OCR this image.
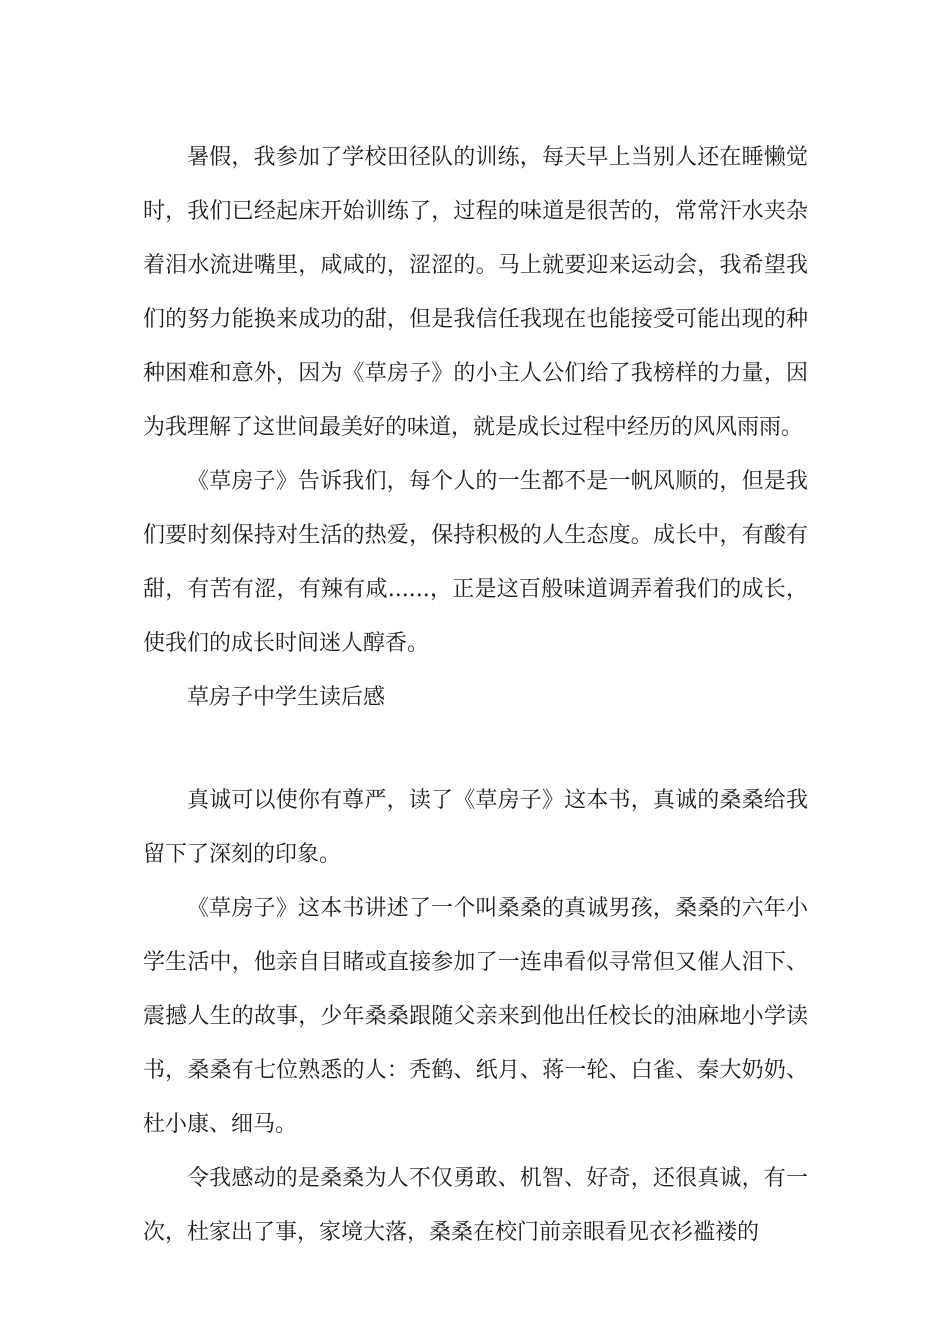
暑假，我参加了学校田径队的训练，每天早上当别人还在睡懒觉时，我们已经起床开始训练了，过程的味道是很苦的，常常汗水夹杂着泪水流进嘴里，咸咸的，涩涩的。马上就要迎来运动会，我希望我们的努力能换来成功的甜，但是我信任我现在也能接受可能出现的种种困难和意外，因为《草房子》的小主人公们给了我榜样的力量，因为我理解了这世间最美好的味道，就是成长过程中经历的风风雨雨。

《草房子》告诉我们，每个人的一生都不是一帆风顺的，但是我们要时刻保持对生活的热爱，保持积极的人生态度。成长中，有酸有甜，有苦有涩，有辣有咸......，正是这百般味道调弄着我们的成长，使我们的成长时间迷人醇香。

草房子中学生读后感

真诚可以使你有尊严，读了《草房子》这本书，真诚的桑桑给我留下了深刻的印象。

《草房子》这本书讲述了一个叫桑桑的真诚男孩，桑桑的六年小学生活中，他亲自目睹或直接参加了一连串看似寻常但又催人泪下、震撼人生的故事，少年桑桑跟随父亲来到他出任校长的油麻地小学读书，桑桑有七位熟悉的人：秃鹤、纸月、蒋一轮、白雀、秦大奶奶、杜小康、细马。

令我感动的是桑桑为人不仅勇敢、机智、好奇，还很真诚，有一次，杜家出了事，家境大落，桑桑在校门前亲眼看见衣衫褴褛的
